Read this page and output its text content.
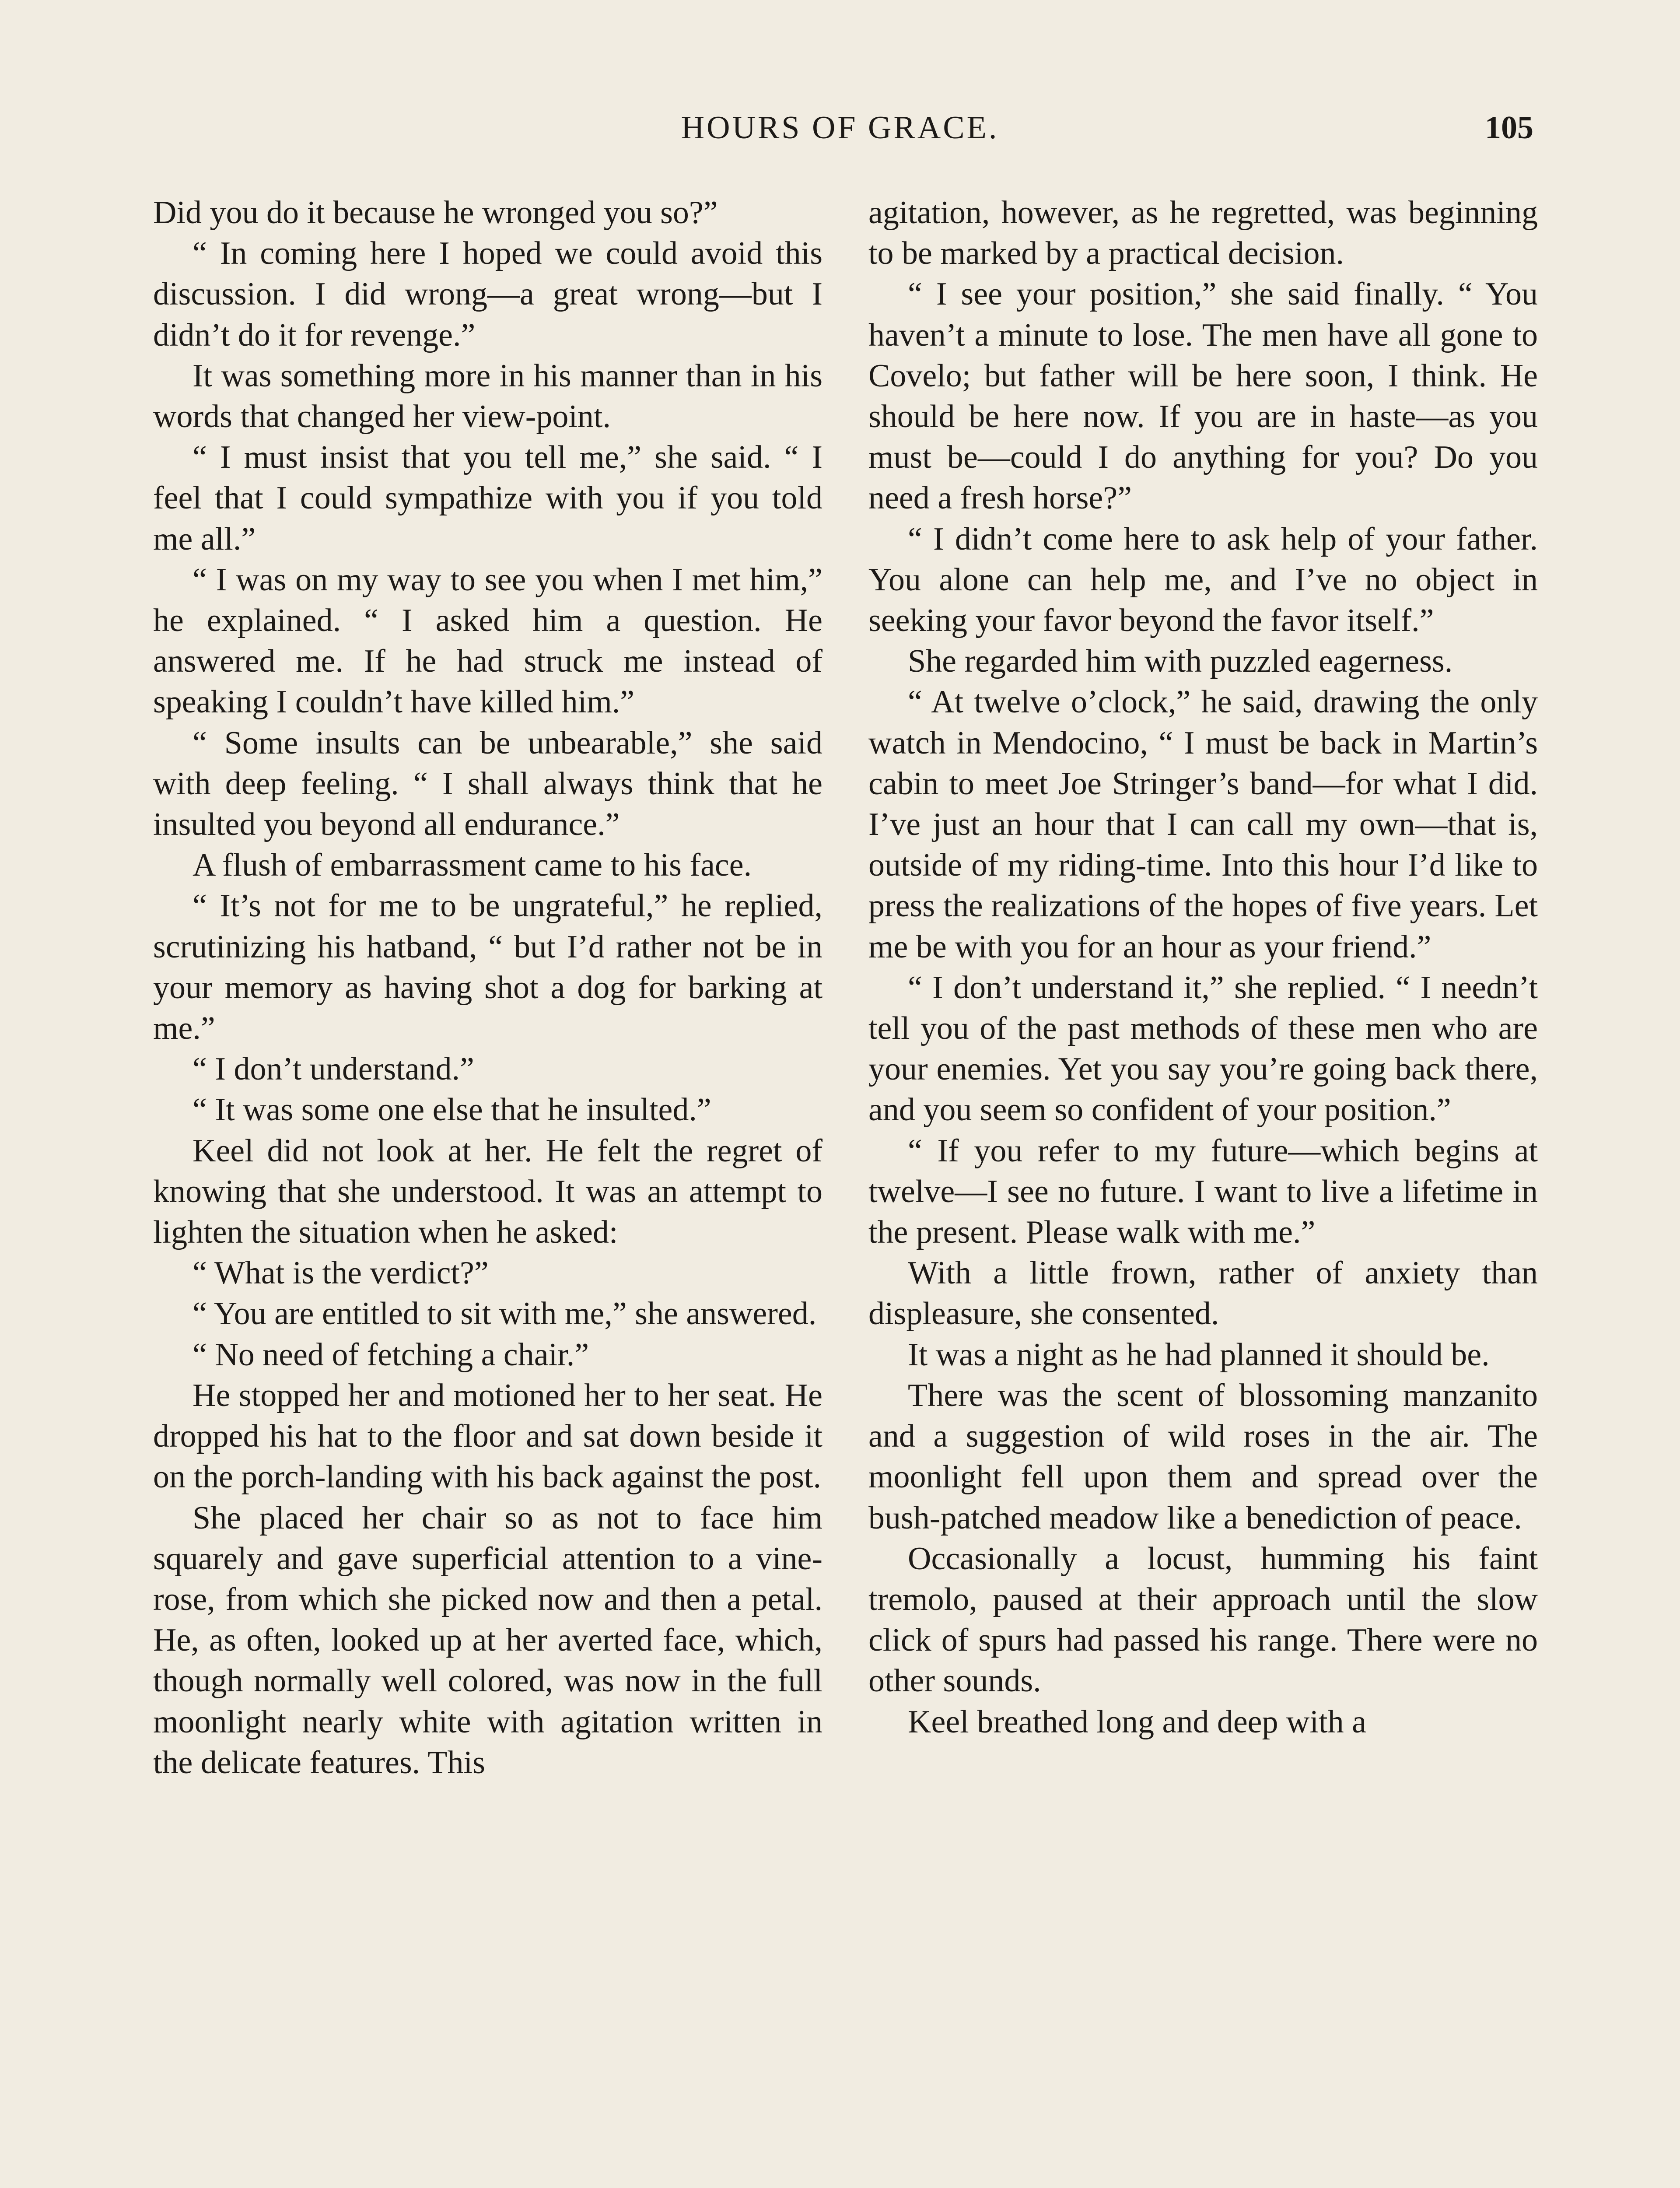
HOURS OF GRACE.	105

Did you do it because he wronged you so?”

“ In coming here I hoped we could avoid this discussion. I did wrong—a great wrong—but I didn’t do it for revenge.”

It was something more in his manner than in his words that changed her view-point.

“ I must insist that you tell me,” she said. “ I feel that I could sympathize with you if you told me all.”

“ I was on my way to see you when I met him,” he explained. “ I asked him a question. He answered me. If he had struck me instead of speaking I couldn’t have killed him.”

“ Some insults can be unbearable,” she said with deep feeling. “ I shall always think that he insulted you beyond all endurance.”

A flush of embarrassment came to his face.

“ It’s not for me to be ungrateful,” he replied, scrutinizing his hatband, “ but I’d rather not be in your memory as having shot a dog for barking at me.”

“ I don’t understand.”

“ It was some one else that he insulted.”

Keel did not look at her. He felt the regret of knowing that she understood. It was an attempt to lighten the situation when he asked:

“ What is the verdict?”

“ You are entitled to sit with me,” she answered.

“ No need of fetching a chair.”

He stopped her and motioned her to her seat. He dropped his hat to the floor and sat down beside it on the porch-landing with his back against the post.

She placed her chair so as not to face him squarely and gave superficial attention to a vine-rose, from which she picked now and then a petal. He, as often, looked up at her averted face, which, though normally well colored, was now in the full moonlight nearly white with agitation written in the delicate features. This

agitation, however, as he regretted, was beginning to be marked by a practical decision.

“ I see your position,” she said finally. “ You haven’t a minute to lose. The men have all gone to Covelo; but father will be here soon, I think. He should be here now. If you are in haste—as you must be—could I do anything for you? Do you need a fresh horse?”

“ I didn’t come here to ask help of your father. You alone can help me, and I’ve no object in seeking your favor beyond the favor itself.”

She regarded him with puzzled eagerness.

“ At twelve o’clock,” he said, drawing the only watch in Mendocino, “ I must be back in Martin’s cabin to meet Joe Stringer’s band—for what I did. I’ve just an hour that I can call my own—that is, outside of my riding-time. Into this hour I’d like to press the realizations of the hopes of five years. Let me be with you for an hour as your friend.”

“ I don’t understand it,” she replied. “ I needn’t tell you of the past methods of these men who are your enemies. Yet you say you’re going back there, and you seem so confident of your position.”

“ If you refer to my future—which begins at twelve—I see no future. I want to live a lifetime in the present. Please walk with me.”

With a little frown, rather of anxiety than displeasure, she consented.

It was a night as he had planned it should be.

There was the scent of blossoming manzanito and a suggestion of wild roses in the air. The moonlight fell upon them and spread over the bush-patched meadow like a benediction of peace.

Occasionally a locust, humming his faint tremolo, paused at their approach until the slow click of spurs had passed his range. There were no other sounds.

Keel breathed long and deep with a
